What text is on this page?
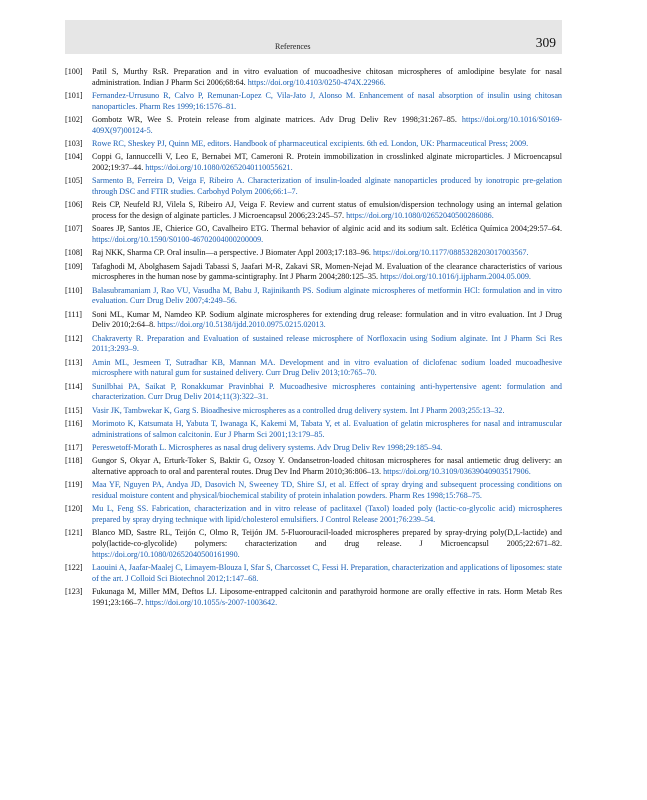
References	309
[100]	Patil S, Murthy RsR. Preparation and in vitro evaluation of mucoadhesive chitosan microspheres of amlodipine besylate for nasal administration. Indian J Pharm Sci 2006;68:64. https://doi.org/10.4103/0250-474X.22966.
[101]	Fernandez-Urrusuno R, Calvo P, Remunan-Lopez C, Vila-Jato J, Alonso M. Enhancement of nasal absorption of insulin using chitosan nanoparticles. Pharm Res 1999;16:1576–81.
[102]	Gombotz WR, Wee S. Protein release from alginate matrices. Adv Drug Deliv Rev 1998;31:267–85. https://doi.org/10.1016/S0169-409X(97)00124-5.
[103]	Rowe RC, Sheskey PJ, Quinn ME, editors. Handbook of pharmaceutical excipients. 6th ed. London, UK: Pharmaceutical Press; 2009.
[104]	Coppi G, Iannuccelli V, Leo E, Bernabei MT, Cameroni R. Protein immobilization in crosslinked alginate microparticles. J Microencapsul 2002;19:37–44. https://doi.org/10.1080/02652040110055621.
[105]	Sarmento B, Ferreira D, Veiga F, Ribeiro A. Characterization of insulin-loaded alginate nanoparticles produced by ionotropic pre-gelation through DSC and FTIR studies. Carbohyd Polym 2006;66:1–7.
[106]	Reis CP, Neufeld RJ, Vilela S, Ribeiro AJ, Veiga F. Review and current status of emulsion/dispersion technology using an internal gelation process for the design of alginate particles. J Microencapsul 2006;23:245–57. https://doi.org/10.1080/02652040500286086.
[107]	Soares JP, Santos JE, Chierice GO, Cavalheiro ETG. Thermal behavior of alginic acid and its sodium salt. Eclética Química 2004;29:57–64. https://doi.org/10.1590/S0100-46702004000200009.
[108]	Raj NKK, Sharma CP. Oral insulin—a perspective. J Biomater Appl 2003;17:183–96. https://doi.org/10.1177/0885328203017003567.
[109]	Tafaghodi M, Abolghasem Sajadi Tabassi S, Jaafari M-R, Zakavi SR, Momen-Nejad M. Evaluation of the clearance characteristics of various microspheres in the human nose by gamma-scintigraphy. Int J Pharm 2004;280:125–35. https://doi.org/10.1016/j.ijpharm.2004.05.009.
[110]	Balasubramaniam J, Rao VU, Vasudha M, Babu J, Rajinikanth PS. Sodium alginate microspheres of metformin HCl: formulation and in vitro evaluation. Curr Drug Deliv 2007;4:249–56.
[111]	Soni ML, Kumar M, Namdeo KP. Sodium alginate microspheres for extending drug release: formulation and in vitro evaluation. Int J Drug Deliv 2010;2:64–8. https://doi.org/10.5138/ijdd.2010.0975.0215.02013.
[112]	Chakraverty R. Preparation and Evaluation of sustained release microsphere of Norfloxacin using Sodium alginate. Int J Pharm Sci Res 2011;3:293–9.
[113]	Amin ML, Jesmeen T, Sutradhar KB, Mannan MA. Development and in vitro evaluation of diclofenac sodium loaded mucoadhesive microsphere with natural gum for sustained delivery. Curr Drug Deliv 2013;10:765–70.
[114]	Sunilbhai PA, Saikat P, Ronakkumar Pravinbhai P. Mucoadhesive microspheres containing anti-hypertensive agent: formulation and characterization. Curr Drug Deliv 2014;11(3):322–31.
[115]	Vasir JK, Tambwekar K, Garg S. Bioadhesive microspheres as a controlled drug delivery system. Int J Pharm 2003;255:13–32.
[116]	Morimoto K, Katsumata H, Yabuta T, Iwanaga K, Kakemi M, Tabata Y, et al. Evaluation of gelatin microspheres for nasal and intramuscular administrations of salmon calcitonin. Eur J Pharm Sci 2001;13:179–85.
[117]	Pereswetoff-Morath L. Microspheres as nasal drug delivery systems. Adv Drug Deliv Rev 1998;29:185–94.
[118]	Gungor S, Okyar A, Erturk-Toker S, Baktir G, Ozsoy Y. Ondansetron-loaded chitosan microspheres for nasal antiemetic drug delivery: an alternative approach to oral and parenteral routes. Drug Dev Ind Pharm 2010;36:806–13. https://doi.org/10.3109/03639040903517906.
[119]	Maa YF, Nguyen PA, Andya JD, Dasovich N, Sweeney TD, Shire SJ, et al. Effect of spray drying and subsequent processing conditions on residual moisture content and physical/biochemical stability of protein inhalation powders. Pharm Res 1998;15:768–75.
[120]	Mu L, Feng SS. Fabrication, characterization and in vitro release of paclitaxel (Taxol) loaded poly (lactic-co-glycolic acid) microspheres prepared by spray drying technique with lipid/cholesterol emulsifiers. J Control Release 2001;76:239–54.
[121]	Blanco MD, Sastre RL, Teijón C, Olmo R, Teijón JM. 5-Fluorouracil-loaded microspheres prepared by spray-drying poly(D,L-lactide) and poly(lactide-co-glycolide) polymers: characterization and drug release. J Microencapsul 2005;22:671–82. https://doi.org/10.1080/02652040500161990.
[122]	Laouini A, Jaafar-Maalej C, Limayem-Blouza I, Sfar S, Charcosset C, Fessi H. Preparation, characterization and applications of liposomes: state of the art. J Colloid Sci Biotechnol 2012;1:147–68.
[123]	Fukunaga M, Miller MM, Deftos LJ. Liposome-entrapped calcitonin and parathyroid hormone are orally effective in rats. Horm Metab Res 1991;23:166–7. https://doi.org/10.1055/s-2007-1003642.
